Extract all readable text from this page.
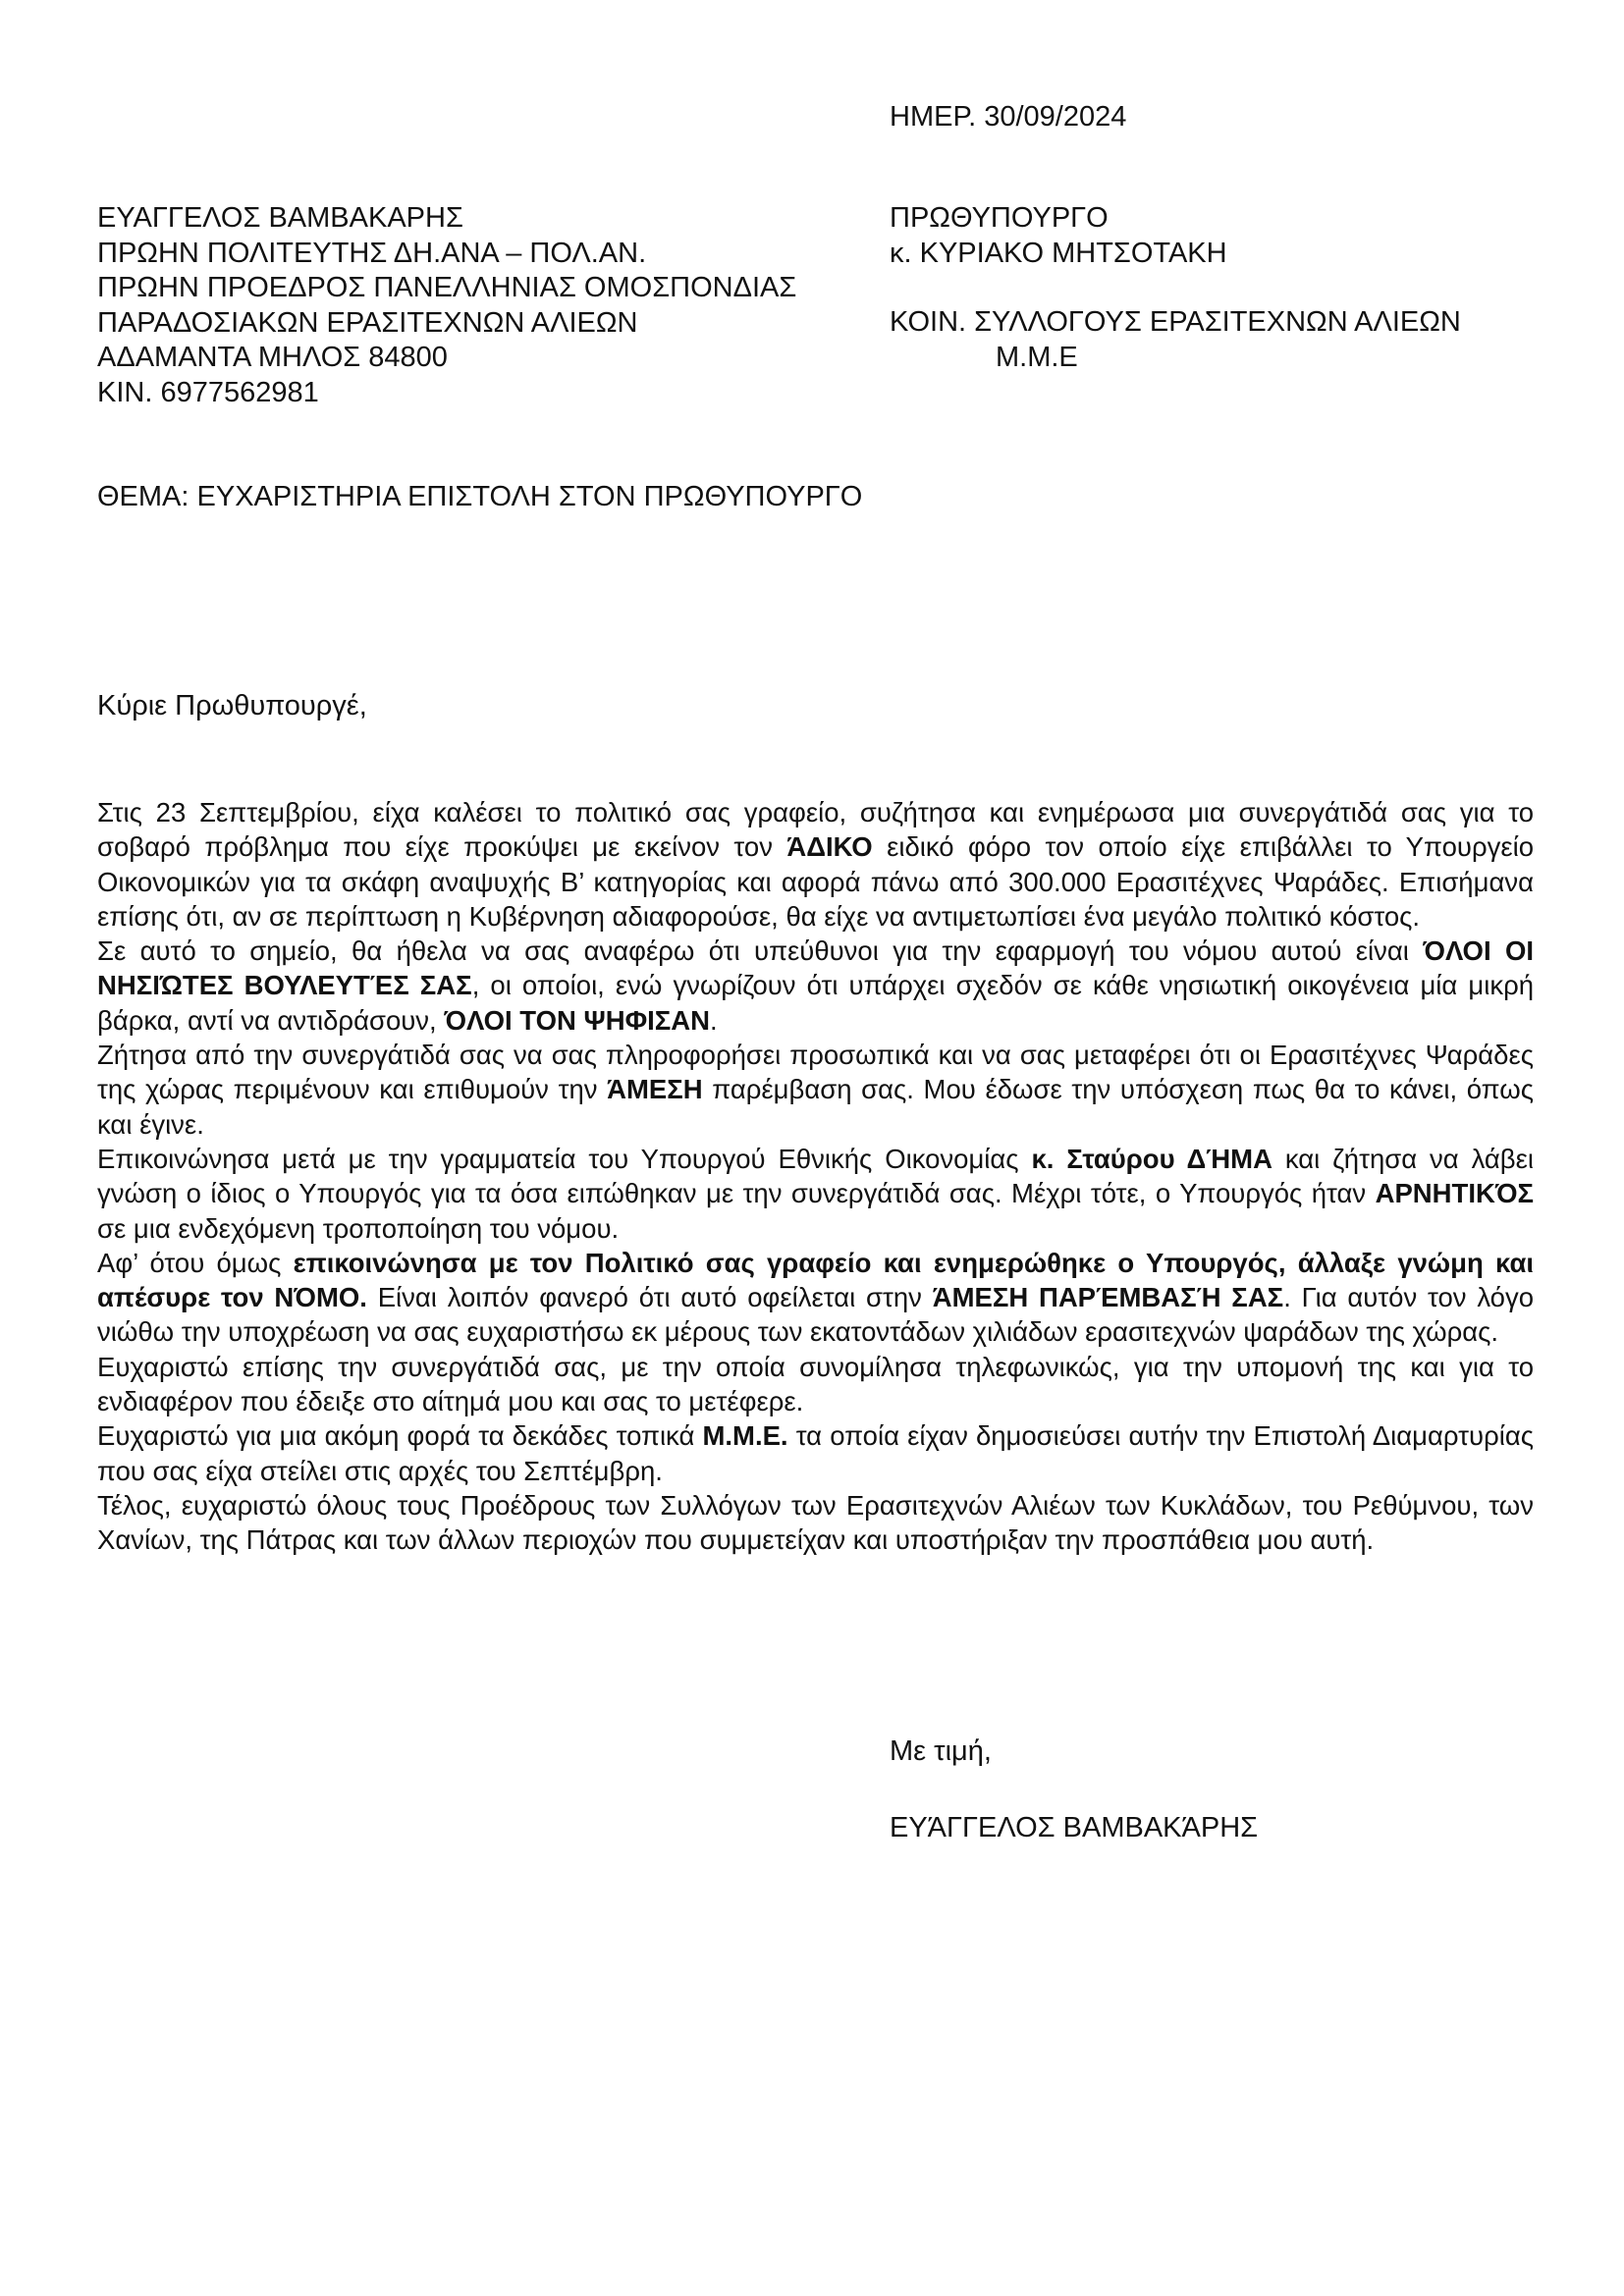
ΗΜΕΡ. 30/09/2024
ΕΥΑΓΓΕΛΟΣ ΒΑΜΒΑΚΑΡΗΣ
ΠΡΩΗΝ ΠΟΛΙΤΕΥΤΗΣ ΔΗ.ΑΝΑ – ΠΟΛ.ΑΝ.
ΠΡΩΗΝ ΠΡΟΕΔΡΟΣ ΠΑΝΕΛΛΗΝΙΑΣ ΟΜΟΣΠΟΝΔΙΑΣ
ΠΑΡΑΔΟΣΙΑΚΩΝ ΕΡΑΣΙΤΕΧΝΩΝ ΑΛΙΕΩΝ
ΑΔΑΜΑΝΤΑ ΜΗΛΟΣ 84800
ΚΙΝ. 6977562981
ΠΡΩΘΥΠΟΥΡΓΟ
κ. ΚΥΡΙΑΚΟ ΜΗΤΣΟΤΑΚΗ
ΚΟΙΝ. ΣΥΛΛΟΓΟΥΣ ΕΡΑΣΙΤΕΧΝΩΝ ΑΛΙΕΩΝ
Μ.Μ.Ε
ΘΕΜΑ: ΕΥΧΑΡΙΣΤΗΡΙΑ ΕΠΙΣΤΟΛΗ ΣΤΟΝ ΠΡΩΘΥΠΟΥΡΓΟ
Κύριε Πρωθυπουργέ,

Στις 23 Σεπτεμβρίου, είχα καλέσει το πολιτικό σας γραφείο, συζήτησα και ενημέρωσα μια συνεργάτιδά σας για το σοβαρό πρόβλημα που είχε προκύψει με εκείνον τον ΆΔΙΚΟ ειδικό φόρο τον οποίο είχε επιβάλλει το Υπουργείο Οικονομικών για τα σκάφη αναψυχής Β’ κατηγορίας και αφορά πάνω από 300.000 Ερασιτέχνες Ψαράδες. Επισήμανα επίσης ότι, αν σε περίπτωση η Κυβέρνηση αδιαφορούσε, θα είχε να αντιμετωπίσει ένα μεγάλο πολιτικό κόστος.

Σε αυτό το σημείο, θα ήθελα να σας αναφέρω ότι υπεύθυνοι για την εφαρμογή του νόμου αυτού είναι ΌΛΟΙ ΟΙ ΝΗΣΙΏΤΕΣ ΒΟΥΛΕΥΤΈΣ ΣΑΣ, οι οποίοι, ενώ γνωρίζουν ότι υπάρχει σχεδόν σε κάθε νησιωτική οικογένεια μία μικρή βάρκα, αντί να αντιδράσουν, ΌΛΟΙ ΤΟΝ ΨΗΦΙΣΑΝ.

Ζήτησα από την συνεργάτιδά σας να σας πληροφορήσει προσωπικά και να σας μεταφέρει ότι οι Ερασιτέχνες Ψαράδες της χώρας περιμένουν και επιθυμούν την ΆΜΕΣΗ παρέμβαση σας. Μου έδωσε την υπόσχεση πως θα το κάνει, όπως και έγινε.

Επικοινώνησα μετά με την γραμματεία του Υπουργού Εθνικής Οικονομίας κ. Σταύρου ΔΉΜΑ και ζήτησα να λάβει γνώση ο ίδιος ο Υπουργός για τα όσα ειπώθηκαν με την συνεργάτιδά σας. Μέχρι τότε, ο Υπουργός ήταν ΑΡΝΗΤΙΚΌΣ σε μια ενδεχόμενη τροποποίηση του νόμου.

Αφ’ ότου όμως επικοινώνησα με τον Πολιτικό σας γραφείο και ενημερώθηκε ο Υπουργός, άλλαξε γνώμη και απέσυρε τον ΝΌΜΟ. Είναι λοιπόν φανερό ότι αυτό οφείλεται στην ΆΜΕΣΗ ΠΑΡΈΜΒΑΣΉ ΣΑΣ. Για αυτόν τον λόγο νιώθω την υποχρέωση να σας ευχαριστήσω εκ μέρους των εκατοντάδων χιλιάδων ερασιτεχνών ψαράδων της χώρας.

Ευχαριστώ επίσης την συνεργάτιδά σας, με την οποία συνομίλησα τηλεφωνικώς, για την υπομονή της και για το ενδιαφέρον που έδειξε στο αίτημά μου και σας το μετέφερε.

Ευχαριστώ για μια ακόμη φορά τα δεκάδες τοπικά Μ.Μ.Ε. τα οποία είχαν δημοσιεύσει αυτήν την Επιστολή Διαμαρτυρίας που σας είχα στείλει στις αρχές του Σεπτέμβρη.

Τέλος, ευχαριστώ όλους τους Προέδρους των Συλλόγων των Ερασιτεχνών Αλιέων των Κυκλάδων, του Ρεθύμνου, των Χανίων, της Πάτρας και των άλλων περιοχών που συμμετείχαν και υποστήριξαν την προσπάθεια μου αυτή.

Με τιμή,
ΕΥΆΓΓΕΛΟΣ ΒΑΜΒΑΚΆΡΗΣ
